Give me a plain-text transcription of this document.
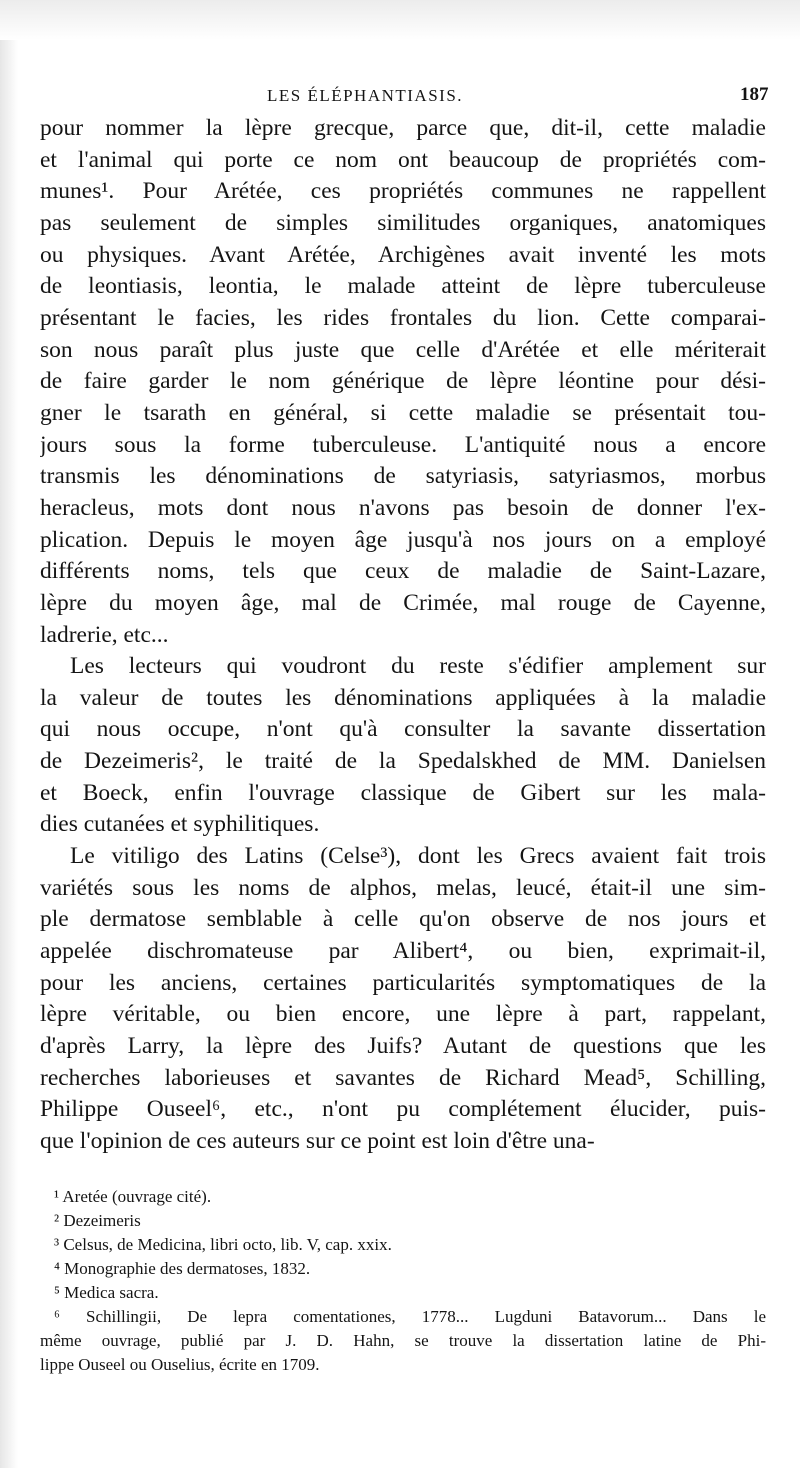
LES ÉLÉPHANTIASIS.	187
pour nommer la lèpre grecque, parce que, dit-il, cette maladie
et l'animal qui porte ce nom ont beaucoup de propriétés com-
munes¹. Pour Arétée, ces propriétés communes ne rappellent
pas seulement de simples similitudes organiques, anatomiques
ou physiques. Avant Arétée, Archigènes avait inventé les mots
de leontiasis, leontia, le malade atteint de lèpre tuberculeuse
présentant le facies, les rides frontales du lion. Cette comparai-
son nous paraît plus juste que celle d'Arétée et elle mériterait
de faire garder le nom générique de lèpre léontine pour dési-
gner le tsarath en général, si cette maladie se présentait tou-
jours sous la forme tuberculeuse. L'antiquité nous a encore
transmis les dénominations de satyriasis, satyriasmos, morbus
heracleus, mots dont nous n'avons pas besoin de donner l'ex-
plication. Depuis le moyen âge jusqu'à nos jours on a employé
différents noms, tels que ceux de maladie de Saint-Lazare,
lèpre du moyen âge, mal de Crimée, mal rouge de Cayenne,
ladrerie, etc...
Les lecteurs qui voudront du reste s'édifier amplement sur
la valeur de toutes les dénominations appliquées à la maladie
qui nous occupe, n'ont qu'à consulter la savante dissertation
de Dezeimeris², le traité de la Spedalskhed de MM. Danielsen
et Boeck, enfin l'ouvrage classique de Gibert sur les mala-
dies cutanées et syphilitiques.
Le vitiligo des Latins (Celse³), dont les Grecs avaient fait trois
variétés sous les noms de alphos, melas, leucé, était-il une sim-
ple dermatose semblable à celle qu'on observe de nos jours et
appelée dischromateuse par Alibert⁴, ou bien, exprimait-il,
pour les anciens, certaines particularités symptomatiques de la
lèpre véritable, ou bien encore, une lèpre à part, rappelant,
d'après Larry, la lèpre des Juifs? Autant de questions que les
recherches laborieuses et savantes de Richard Mead⁵, Schilling,
Philippe Ouseel⁶, etc., n'ont pu complétement élucider, puis-
que l'opinion de ces auteurs sur ce point est loin d'être una-
¹ Aretée (ouvrage cité).
² Dezeimeris
³ Celsus, de Medicina, libri octo, lib. V, cap. xxix.
⁴ Monographie des dermatoses, 1832.
⁵ Medica sacra.
⁶ Schillingii, De lepra comentationes, 1778... Lugduni Batavorum... Dans le
même ouvrage, publié par J. D. Hahn, se trouve la dissertation latine de Phi-
lippe Ouseel ou Ouselius, écrite en 1709.
